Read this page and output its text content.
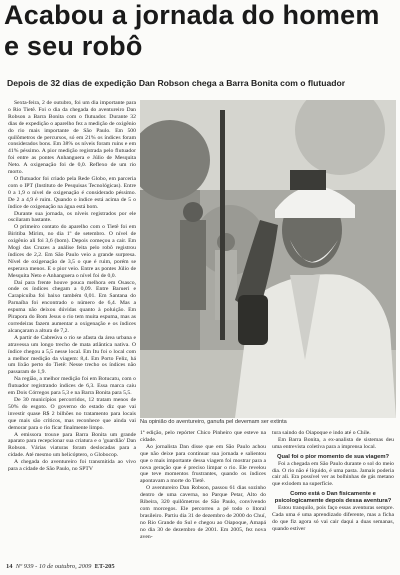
Acabou a jornada do homem e seu robô
Depois de 32 dias de expedição Dan Robson chega a Barra Bonita com o flutuador

Sexta-feira, 2 de outubro, foi um dia importante para o Rio Tietê. Foi o dia da chegada do aventureiro Dan Robson a Barra Bonita com o flutuador. Durante 32 dias de expedição o aparelho fez a medição de oxigênio do rio mais importante de São Paulo. Em 500 quilômetros de percursos, só em 21% os índices foram considerados bons. Em 38% os níveis foram ruins e em 41% péssimo. A pior medição registrada pelo flutuador foi entre as pontes Anhanguera e Júlio de Mesquita Neto. A oxigenação foi de 0,0. Reflexo de um rio morto.

O flutuador foi criado pela Rede Globo, em parceria com o IPT (Instituto de Pesquisas Tecnológicas). Entre 0 a 1,9 o nível de oxigenação é considerado péssimo. De 2 a 4,9 é ruim. Quando o índice está acima de 5 o índice de oxigenação na água está bom.

Durante sua jornada, os níveis registrados por ele oscilaram bastante.

O primeiro contato do aparelho com o Tietê foi em Biritiba Mirim, no dia 1º de setembro. O nível de oxigênio ali foi 3,6 (bom). Depois começou a cair. Em Mogi das Cruzes a análise feita pelo robô registrou índices de 2,2. Em São Paulo veio a grande surpresa. Nível de oxigenação de 3,5 o que é ruim, porém se esperava menos. E o pior veio. Entre as pontes Júlio de Mesquita Neto e Anhanguera o nível foi de 0,0.

Daí para frente houve pouca melhora em Osasco, onde os índices chegam a 0,09. Entre Barueri e Carapicuíba foi baixo também 0,01. Em Santana do Parnaíba foi encontrado o número de 6,4. Mas a espuma não deixou dúvidas quanto à poluição. Em Pirapora do Bom Jesus o rio tem muita espuma, mas as corredeiras fazem aumentar a oxigenação e os índices alcançaram a altura de 7,2.

A partir de Cabreúva o rio se afasta da área urbana e atravessa um longo trecho de mata atlântica nativa. O índice chegou a 5,5 nesse local. Em Itu foi o local com a melhor medição da viagem: 8,4. Em Porto Feliz, há um lixão perto do Tietê: Nesse trecho os índices não passaram de 1,9.

Na região, a melhor medição foi em Botucatu, com o flutuador registrando índices de 6,3. Essa marca caiu em Dois Córregos para 5,3 e na Barra Bonita para 5,5.

De 30 municípios percorridos, 12 tratam menos de 50% do esgoto. O governo do estado diz que vai investir quase R$ 2 bilhões no tratamento para locais que mais são críticos, mas reconhece que ainda vai demorar para o rio ficar finalmente limpo.

A emissora trouxe para Barra Bonita um grande aparato para recepcionar sua criatura e o 'guardião' Dan Robson. Várias viaturas foram deslocadas para a cidade. Até mesmo um helicóptero, o Globocop.

A chegada do aventureiro foi transmitida ao vivo para a cidade de São Paulo, no SPTV

Na opinião do aventureiro, ganufa pel devemam ser extinta

1ª edição, pelo repórter Chico Pinheiro que esteve na cidade.

Ao jornalista Dan disse que em São Paulo achou que não deixe para continuar sua jornada e salientou que o mais importante dessa viagem foi mostrar para a nova geração que é preciso limpar o rio. Ele revelou que teve momentos frustrantes, quando os índices apontavam a morte do Tietê.

O aventureiro Dan Robson, passou 61 dias sozinho dentro de uma caverna, no Parque Petar, Alto do Ribeira, 320 quilômetros de São Paulo, convivendo com morcegos. Ele percorreu a pé todo o litoral brasileiro. Partiu dia 31 de dezembro de 2000 do Chuí, no Rio Grande do Sul e chegou ao Oiapoque, Amapá no dia 30 de dezembro de 2001. Em 2005, fez nova aven-

tura saindo do Oiapoque e indo até o Chile.

Em Barra Bonita, a ex-analista de sistemas deu uma entrevista coletiva para a imprensa local.

Qual foi o pior momento de sua viagem?

Foi a chegada em São Paulo durante o sol do meio dia. O rio não é líquido, é uma pasta. Jamais poderia cair ali. Era possível ver as bolhinhas de gás metano que exlodem na superfície.

Como está o Dan fisicamente e psicologicamente depois dessa aventura?

Estou tranquilo, pois faço essas aventuras sempre. Cada uma é uma aprendizado diferente, mas a ficha do que fiz agora só vai cair daqui a duas semanas, quando estiver

14 Nº 939 - 10 de outubro, 2009 ET-205
